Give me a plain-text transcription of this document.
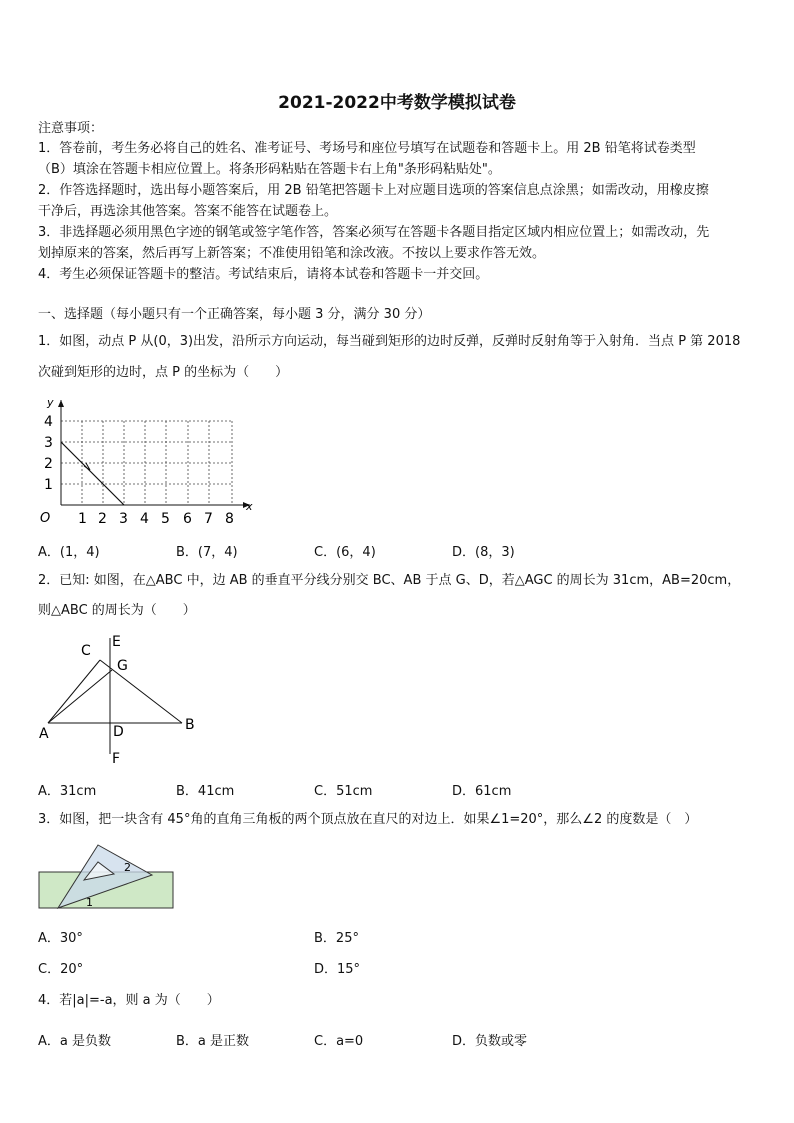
2021-2022中考数学模拟试卷
注意事项：
1．答卷前，考生务必将自己的姓名、准考证号、考场号和座位号填写在试题卷和答题卡上。用 2B 铅笔将试卷类型
（B）填涂在答题卡相应位置上。将条形码粘贴在答题卡右上角"条形码粘贴处"。
2．作答选择题时，选出每小题答案后，用 2B 铅笔把答题卡上对应题目选项的答案信息点涂黑；如需改动，用橡皮擦
干净后，再选涂其他答案。答案不能答在试题卷上。
3．非选择题必须用黑色字迹的钢笔或签字笔作答，答案必须写在答题卡各题目指定区域内相应位置上；如需改动，先
划掉原来的答案，然后再写上新答案；不准使用铅笔和涂改液。不按以上要求作答无效。
4．考生必须保证答题卡的整洁。考试结束后，请将本试卷和答题卡一并交回。
一、选择题（每小题只有一个正确答案，每小题 3 分，满分 30 分）
1．如图，动点 P 从(0，3)出发，沿所示方向运动，每当碰到矩形的边时反弹，反弹时反射角等于入射角．当点 P 第 2018
次碰到矩形的边时，点 P 的坐标为（　　）
y
x
O
4
3
2
1
1 2 3 4 5 6 7 8
A．(1，4)	B．(7，4)	C．(6，4)	D．(8，3)
2．已知: 如图，在△ABC 中，边 AB 的垂直平分线分别交 BC、AB 于点 G、D，若△AGC 的周长为 31cm，AB=20cm，
则△ABC 的周长为（　　）
C
E
G
A	D	B
F
A．31cm	B．41cm	C．51cm	D．61cm
3．如图，把一块含有 45°角的直角三角板的两个顶点放在直尺的对边上．如果∠1=20°，那么∠2 的度数是（　）
2
1
A．30°	B．25°
C．20°	D．15°
4．若|a|=-a，则 a 为（　　）
A．a 是负数	B．a 是正数	C．a=0	D．负数或零
